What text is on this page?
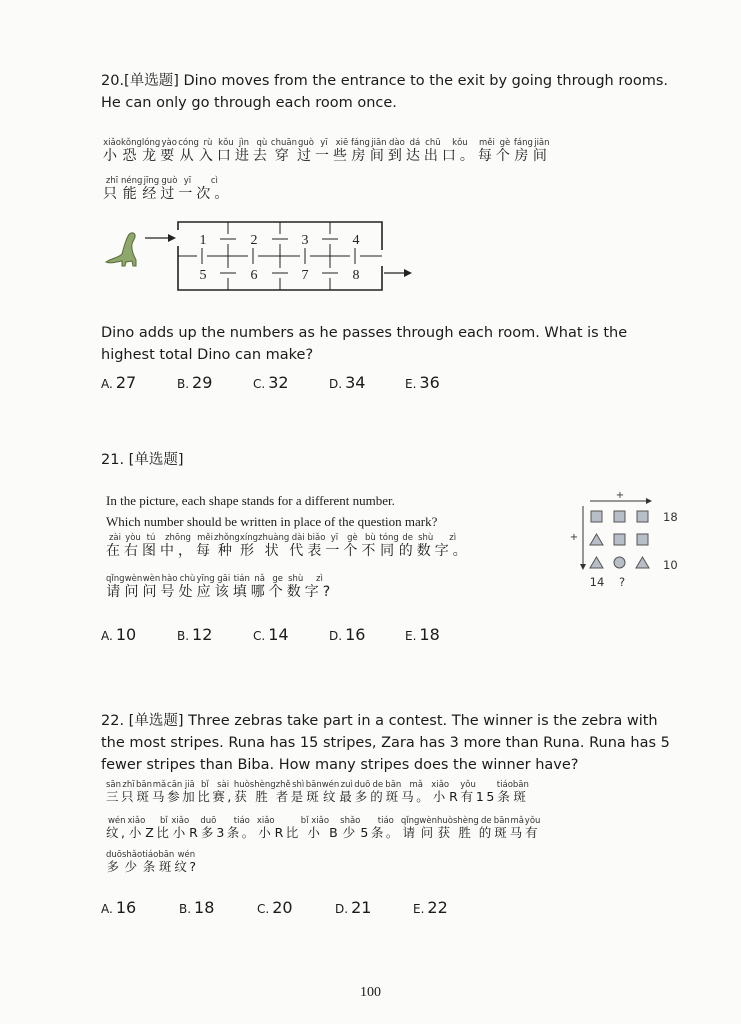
20.[单选题] Dino moves from the entrance to the exit by going through rooms.
He can only go through each room once.
小xiǎo恐kǒng龙lóng要yào从cóng入rù口kǒu进jìn去qù穿chuān过guò一yī些xiē房fáng间jiān到dào达dá出chū口。kǒu每měi个gè房fáng间jiān
只zhī能néng经jīng过guò一yī次。cì
1	2	3	4
5	6	7	8
Dino adds up the numbers as he passes through each room. What is the
highest total Dino can make?
A. 27	B. 29	C. 32	D. 34	E. 36
21. [单选题]
In the picture, each shape stands for a different number.
Which number should be written in place of the question mark?
在zài右yòu图tú中，zhōng每měi种zhǒng形xíng状zhuàng代dài表biǎo一yī个gè不bù同tóng的de数shù字。zì
请qǐng问wèn问wèn号hào处chù应yīng该gāi填tián哪nǎ个ge数shù字?zì
+
+
18
10
14 ?
A. 10	B. 12	C. 14	D. 16	E. 18
22. [单选题] Three zebras take part in a contest. The winner is the zebra with
the most stripes. Runa has 15 stripes, Zara has 3 more than Runa. Runa has 5
fewer stripes than Biba. How many stripes does the winner have?
三sān只zhī斑bān马mǎ参cān加jiā比bǐ赛,sài获huò胜shèng者zhě是shì斑bān纹wén最zuì多duō的de斑bān马。mǎ小xiǎoR有yǒu15条tiáo斑bān
纹,wén小xiǎoZ比bǐ小xiǎoR多duō3条。tiáo小xiǎoR比小bǐ xiǎoB少shǎo5条。tiáo请qǐng问wèn获huò胜shèng的de斑bān马mǎ有yǒu
多duō少shǎo条tiáo斑bān纹?wén
A. 16	B. 18	C. 20	D. 21	E. 22
100
